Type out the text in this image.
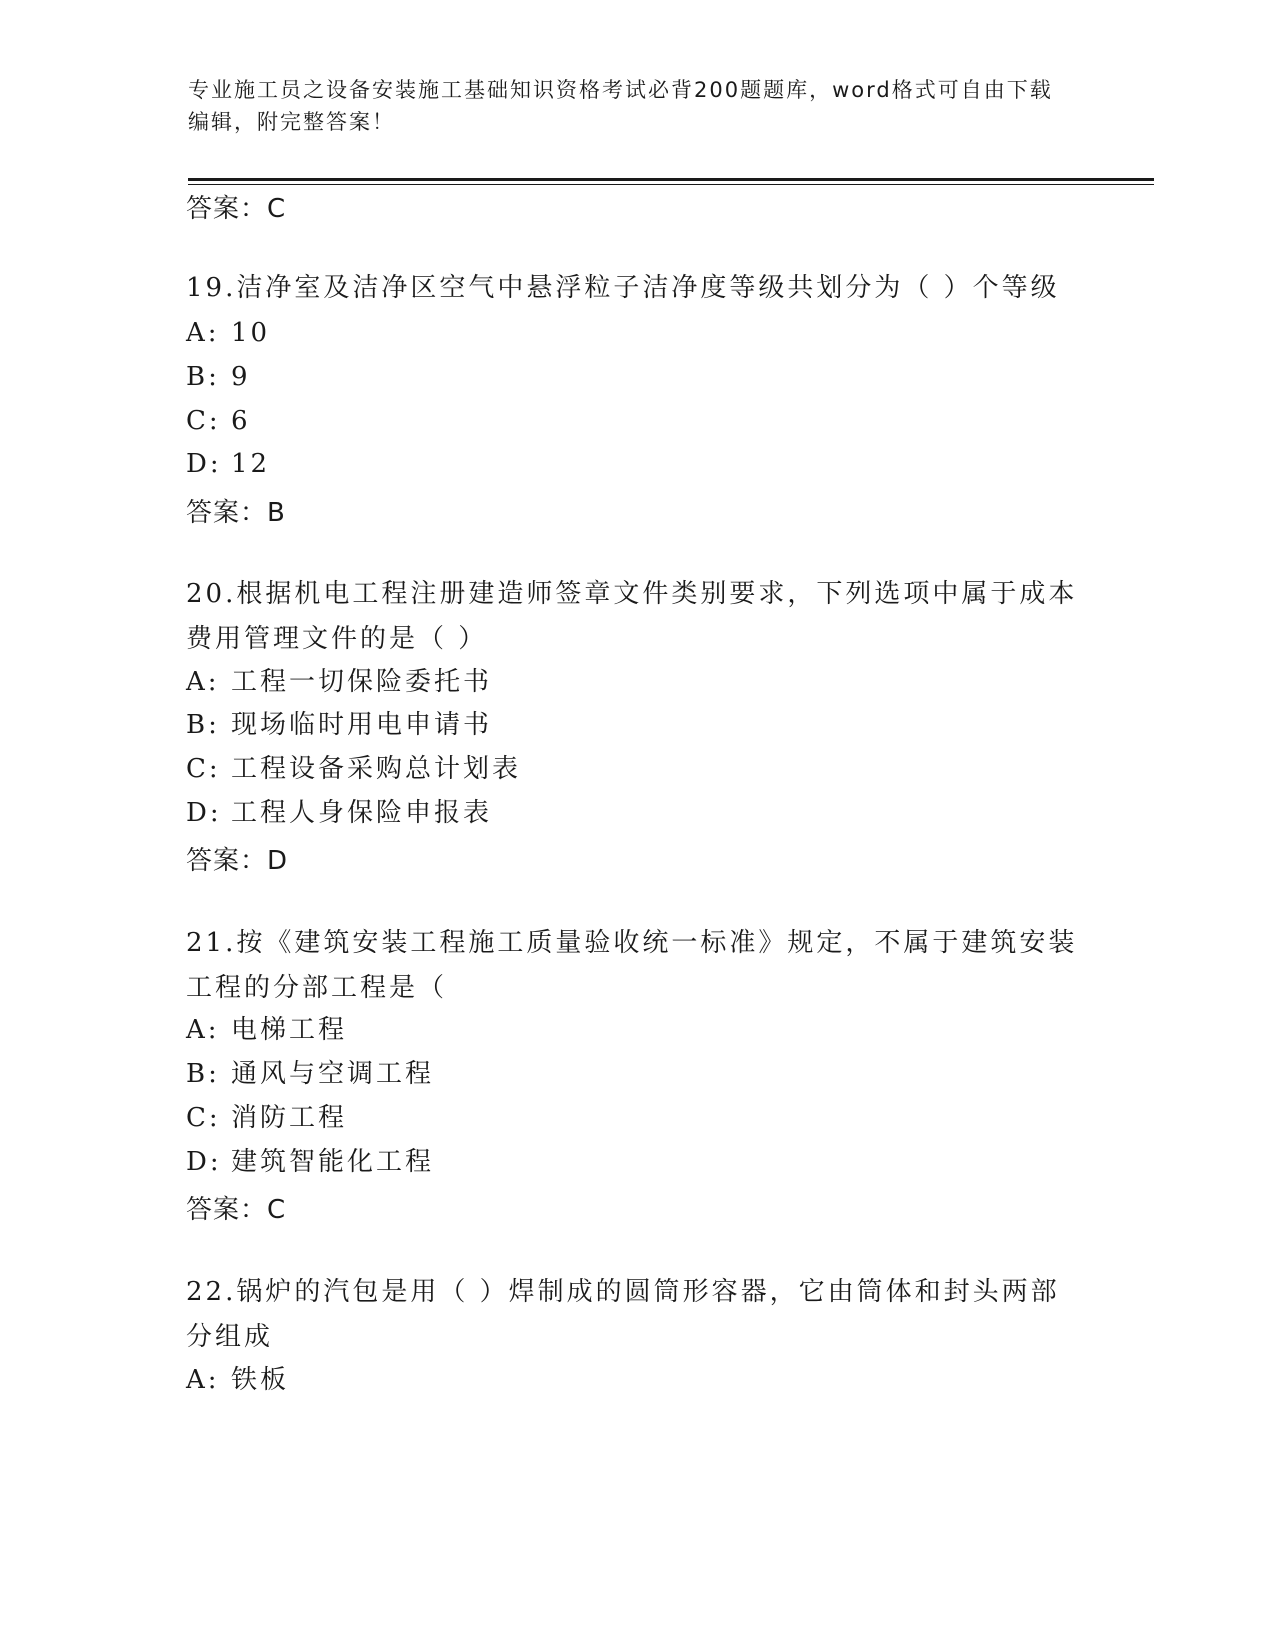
专业施工员之设备安装施工基础知识资格考试必背200题题库，word格式可自由下载编辑，附完整答案！
答案：C
19.洁净室及洁净区空气中悬浮粒子洁净度等级共划分为（ ）个等级
A: 10
B: 9
C: 6
D: 12
答案：B
20.根据机电工程注册建造师签章文件类别要求，下列选项中属于成本费用管理文件的是（ ）
A: 工程一切保险委托书
B: 现场临时用电申请书
C: 工程设备采购总计划表
D: 工程人身保险申报表
答案：D
21.按《建筑安装工程施工质量验收统一标准》规定，不属于建筑安装工程的分部工程是（
A: 电梯工程
B: 通风与空调工程
C: 消防工程
D: 建筑智能化工程
答案：C
22.锅炉的汽包是用（ ）焊制成的圆筒形容器，它由筒体和封头两部分组成
A: 铁板
